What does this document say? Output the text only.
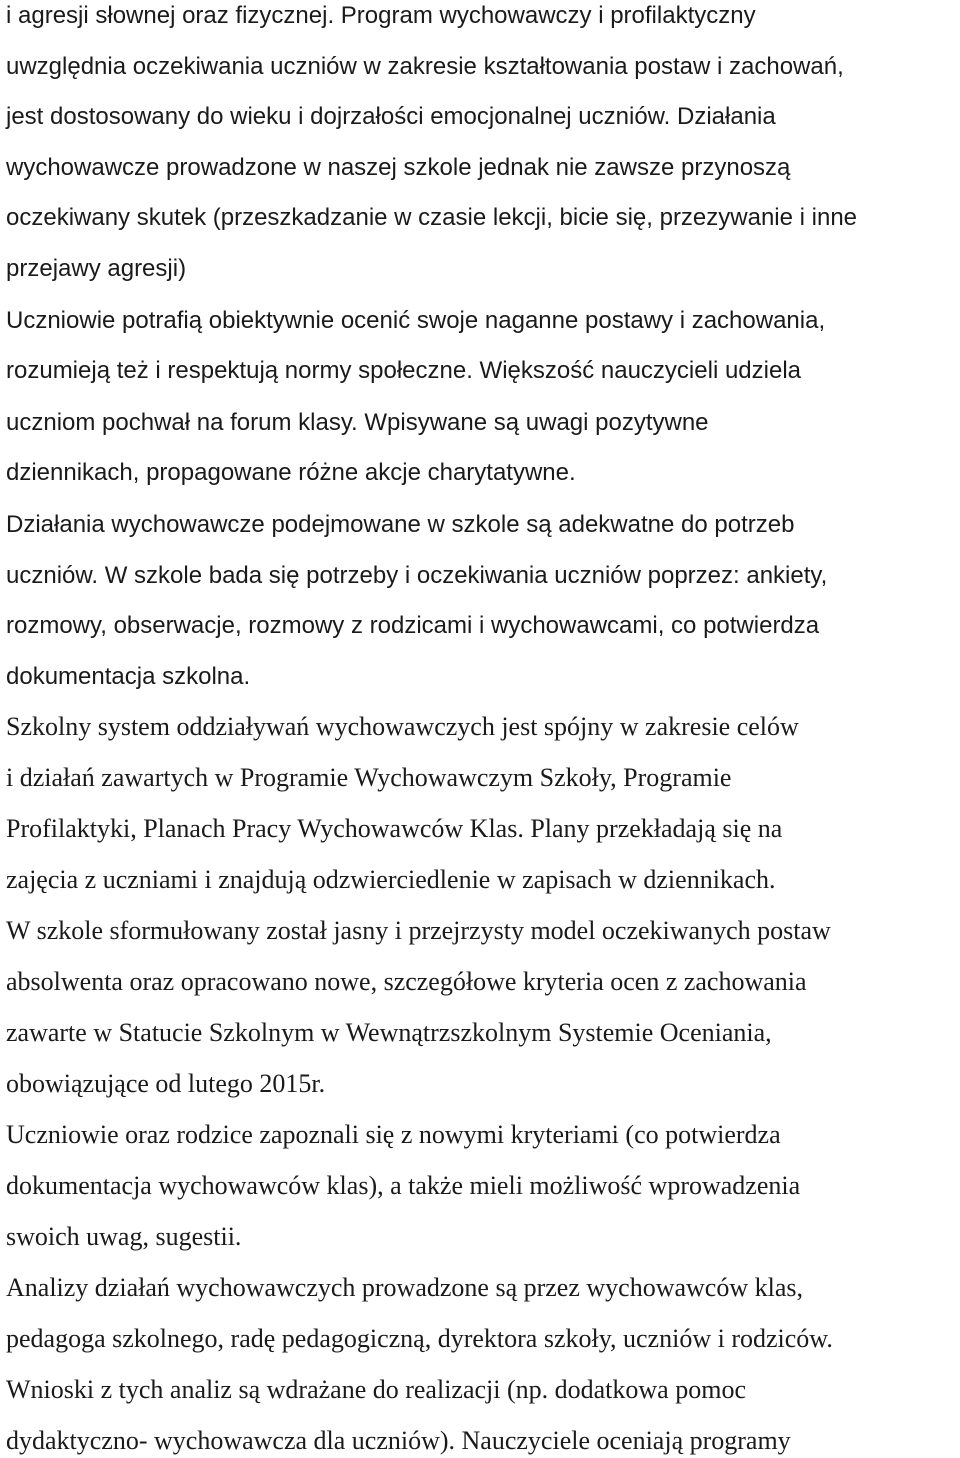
i agresji słownej oraz fizycznej. Program wychowawczy i profilaktyczny
uwzględnia oczekiwania uczniów w zakresie kształtowania postaw i zachowań,
jest dostosowany do wieku i dojrzałości emocjonalnej uczniów. Działania
wychowawcze prowadzone w naszej szkole jednak nie zawsze przynoszą
oczekiwany skutek (przeszkadzanie w czasie lekcji, bicie się, przezywanie i inne
przejawy agresji)
Uczniowie potrafią obiektywnie ocenić swoje naganne postawy i zachowania,
rozumieją też i respektują normy społeczne. Większość nauczycieli udziela
uczniom pochwał na forum klasy. Wpisywane są uwagi pozytywne
dziennikach, propagowane różne akcje charytatywne.
Działania wychowawcze podejmowane w szkole są adekwatne do potrzeb
uczniów. W szkole bada się potrzeby i oczekiwania uczniów poprzez: ankiety,
rozmowy, obserwacje, rozmowy z rodzicami i wychowawcami, co potwierdza
dokumentacja szkolna.
Szkolny system oddziaływań wychowawczych jest spójny w zakresie celów
i działań zawartych w Programie Wychowawczym Szkoły, Programie
Profilaktyki, Planach Pracy Wychowawców Klas. Plany przekładają się na
zajęcia z uczniami i znajdują odzwierciedlenie w zapisach w dziennikach.
W szkole sformułowany został jasny i przejrzysty model oczekiwanych postaw
absolwenta oraz opracowano nowe, szczegółowe kryteria ocen z zachowania
zawarte w Statucie Szkolnym w Wewnątrzszkolnym Systemie Oceniania,
obowiązujące od lutego 2015r.
Uczniowie oraz rodzice zapoznali się z nowymi kryteriami (co potwierdza
dokumentacja wychowawców klas), a także mieli możliwość wprowadzenia
swoich uwag, sugestii.
Analizy działań wychowawczych prowadzone są przez wychowawców klas,
pedagoga szkolnego, radę pedagogiczną, dyrektora szkoły, uczniów i rodziców.
Wnioski z tych analiz są wdrażane do realizacji (np. dodatkowa pomoc
dydaktyczno- wychowawcza dla uczniów). Nauczyciele oceniają programy
